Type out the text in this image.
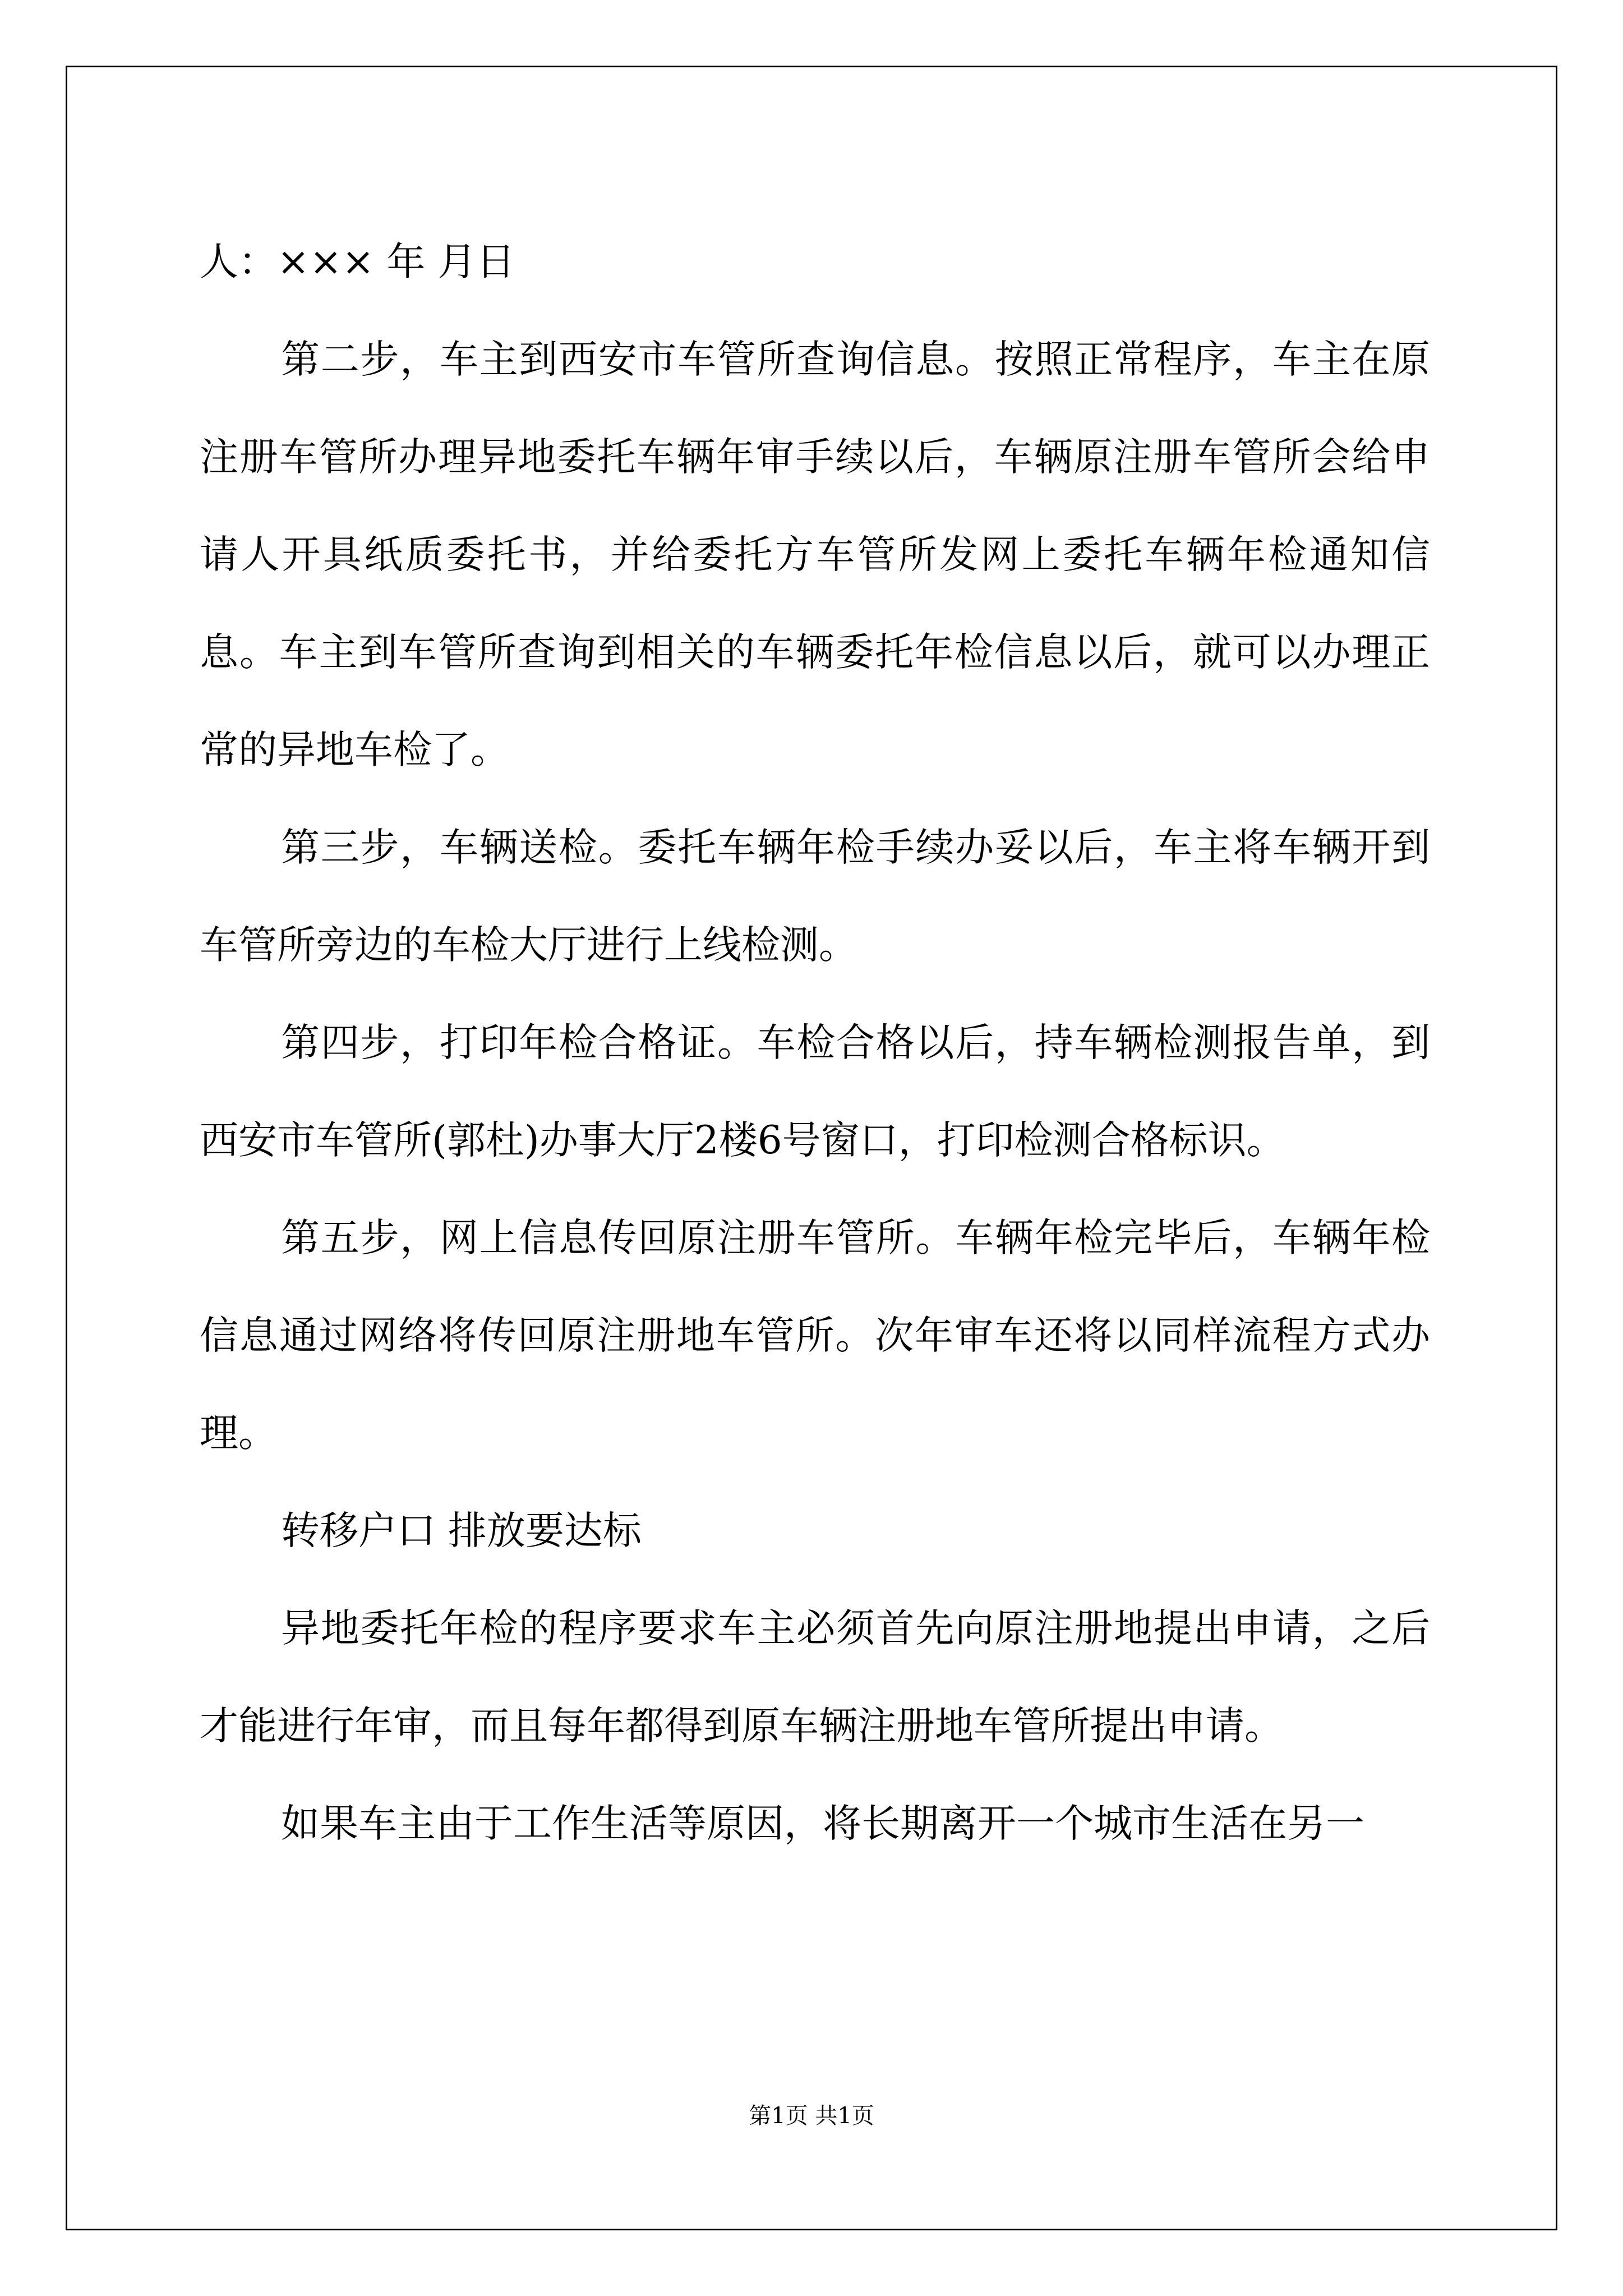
人：××× 年 月日

第二步，车主到西安市车管所查询信息。按照正常程序，车主在原注册车管所办理异地委托车辆年审手续以后，车辆原注册车管所会给申请人开具纸质委托书，并给委托方车管所发网上委托车辆年检通知信息。车主到车管所查询到相关的车辆委托年检信息以后，就可以办理正常的异地车检了。

第三步，车辆送检。委托车辆年检手续办妥以后，车主将车辆开到车管所旁边的车检大厅进行上线检测。

第四步，打印年检合格证。车检合格以后，持车辆检测报告单，到西安市车管所(郭杜)办事大厅2楼6号窗口，打印检测合格标识。

第五步，网上信息传回原注册车管所。车辆年检完毕后，车辆年检信息通过网络将传回原注册地车管所。次年审车还将以同样流程方式办理。

转移户口 排放要达标

异地委托年检的程序要求车主必须首先向原注册地提出申请，之后才能进行年审，而且每年都得到原车辆注册地车管所提出申请。

如果车主由于工作生活等原因，将长期离开一个城市生活在另一

第1页 共1页
